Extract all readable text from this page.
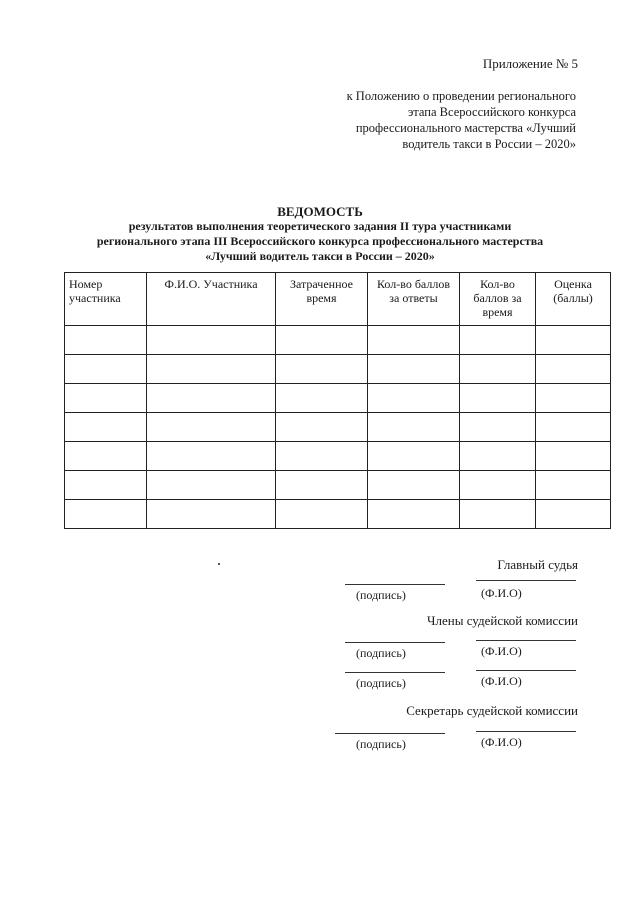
Приложение № 5
к Положению о проведении регионального
этапа Всероссийского конкурса
профессионального мастерства «Лучший
водитель такси в России – 2020»
ВЕДОМОСТЬ
результатов выполнения теоретического задания II тура участниками
регионального этапа III Всероссийского конкурса профессионального мастерства
«Лучший водитель такси в России – 2020»
Номер участника	Ф.И.О. Участника	Затраченное время	Кол-во баллов за ответы	Кол-во баллов за время	Оценка (баллы)

Главный судья
(подпись)	(Ф.И.О)
Члены судейской комиссии
(подпись)	(Ф.И.О)
(подпись)	(Ф.И.О)
Секретарь судейской комиссии
(подпись)	(Ф.И.О)
